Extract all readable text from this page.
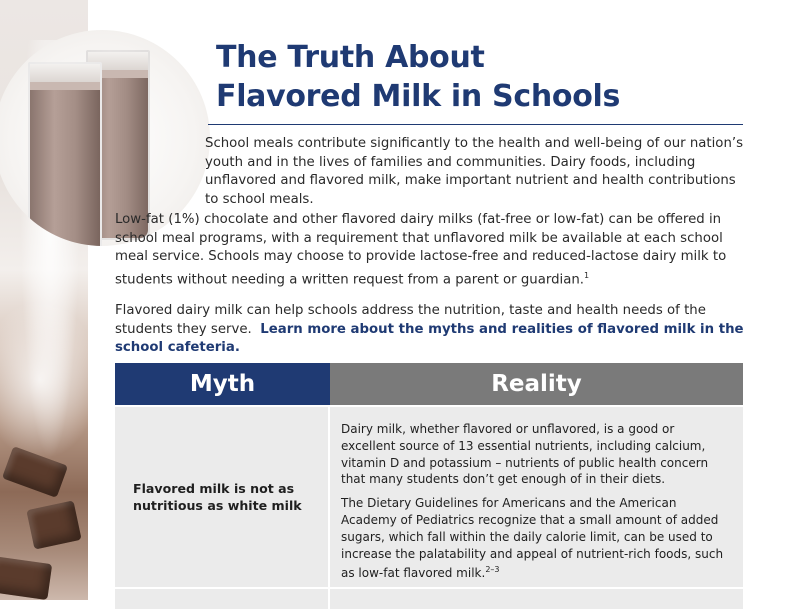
The Truth About
Flavored Milk in Schools

School meals contribute significantly to the health and well-being of our nation’s youth and in the lives of families and communities. Dairy foods, including unflavored and flavored milk, make important nutrient and health contributions to school meals.

Low-fat (1%) chocolate and other flavored dairy milks (fat-free or low-fat) can be offered in school meal programs, with a requirement that unflavored milk be available at each school meal service. Schools may choose to provide lactose-free and reduced-lactose dairy milk to students without needing a written request from a parent or guardian.$^1$

Flavored dairy milk can help schools address the nutrition, taste and health needs of the students they serve. Learn more about the myths and realities of flavored milk in the school cafeteria.

Myth	Reality
Flavored milk is not as nutritious as white milk

Dairy milk, whether flavored or unflavored, is a good or excellent source of 13 essential nutrients, including calcium, vitamin D and potassium – nutrients of public health concern that many students don’t get enough of in their diets.

The Dietary Guidelines for Americans and the American Academy of Pediatrics recognize that a small amount of added sugars, which fall within the daily calorie limit, can be used to increase the palatability and appeal of nutrient-rich foods, such as low-fat flavored milk.$^{2-3}$
